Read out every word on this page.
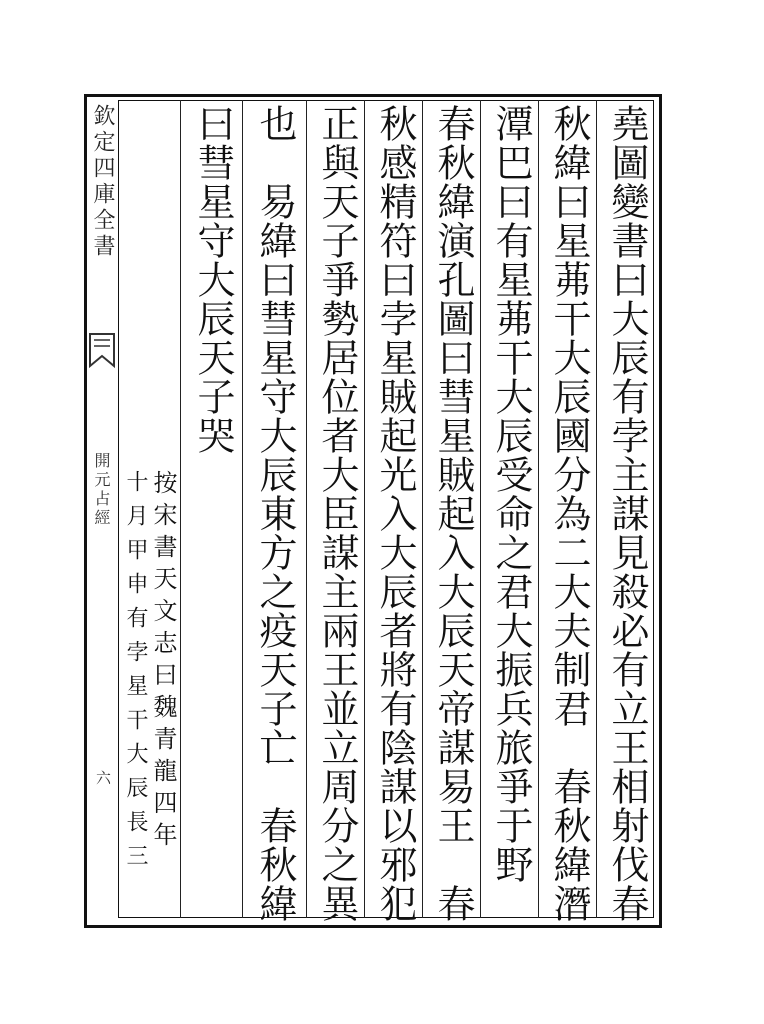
欽定四庫全書
開元占經
六	堯圖變書曰大辰有孛主謀見殺必有立王相射伐春
秋緯曰星茀干大辰國分為二大夫制君　春秋緯潛
潭巴曰有星茀干大辰受命之君大振兵旅爭于野
春秋緯演孔圖曰彗星賊起入大辰天帝謀易王　春
秋感精符曰孛星賊起光入大辰者將有陰謀以邪犯
正與天子爭勢居位者大臣謀主兩王並立周分之異
也　易緯曰彗星守大辰東方之疫天子亡　春秋緯
曰彗星守大辰天子哭
按宋書天文志曰魏青龍四年
十月甲申有孛星干大辰長三
